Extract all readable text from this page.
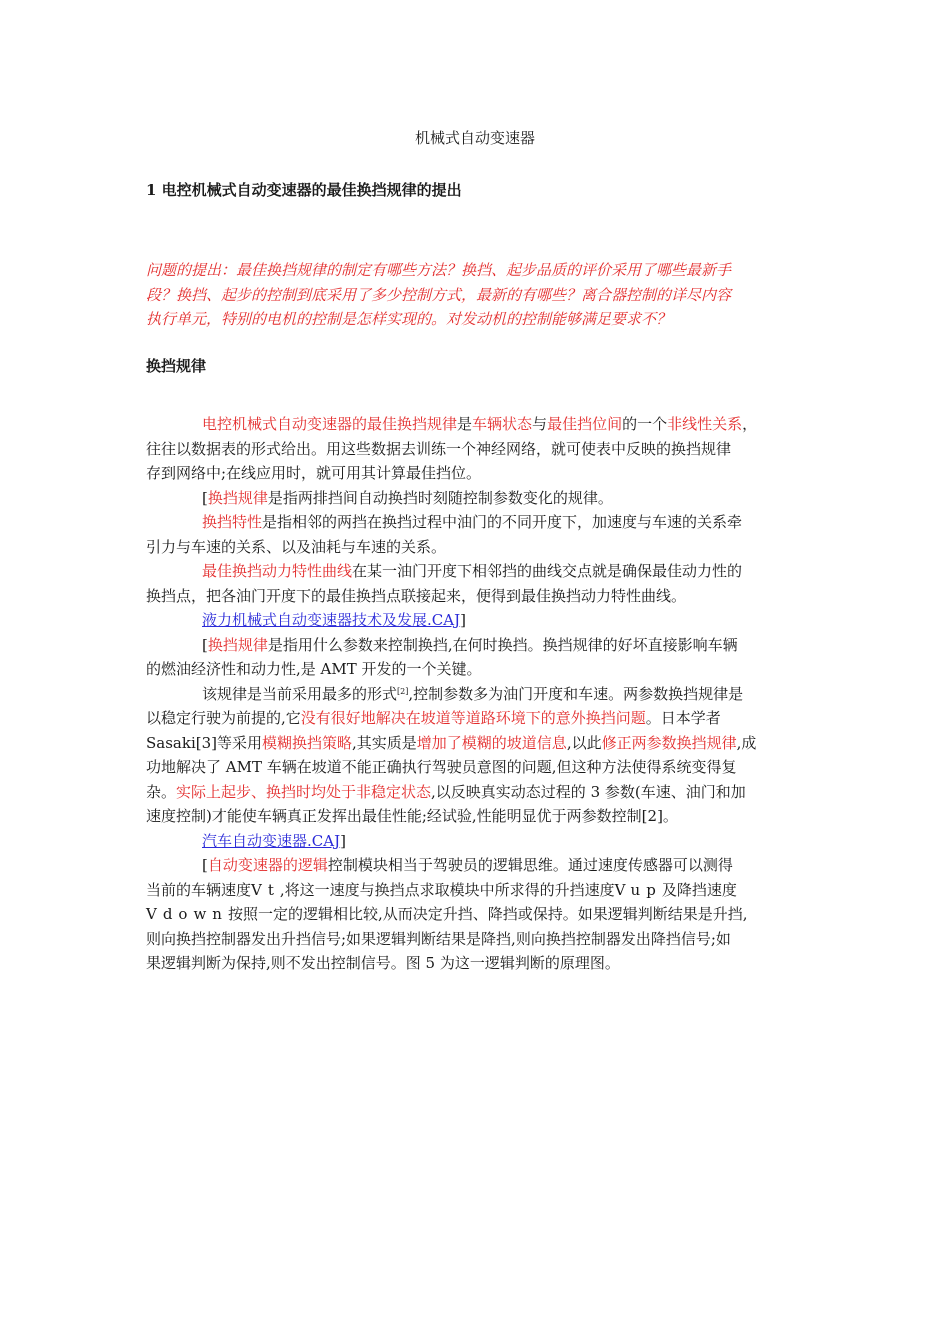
机械式自动变速器
1 电控机械式自动变速器的最佳换挡规律的提出
问题的提出：最佳换挡规律的制定有哪些方法？换挡、起步品质的评价采用了哪些最新手
段？换挡、起步的控制到底采用了多少控制方式，最新的有哪些？离合器控制的详尽内容
执行单元，特别的电机的控制是怎样实现的。对发动机的控制能够满足要求不？
换挡规律
电控机械式自动变速器的最佳换挡规律是车辆状态与最佳挡位间的一个非线性关系，
往往以数据表的形式给出。用这些数据去训练一个神经网络，就可使表中反映的换挡规律
存到网络中;在线应用时，就可用其计算最佳挡位。
[换挡规律是指两排挡间自动换挡时刻随控制参数变化的规律。
换挡特性是指相邻的两挡在换挡过程中油门的不同开度下，加速度与车速的关系牵
引力与车速的关系、以及油耗与车速的关系。
最佳换挡动力特性曲线在某一油门开度下相邻挡的曲线交点就是确保最佳动力性的
换挡点，把各油门开度下的最佳换挡点联接起来，便得到最佳换挡动力特性曲线。
液力机械式自动变速器技术及发展.CAJ]
[换挡规律是指用什么参数来控制换挡,在何时换挡。换挡规律的好坏直接影响车辆
的燃油经济性和动力性,是 AMT 开发的一个关键。
该规律是当前采用最多的形式[2],控制参数多为油门开度和车速。两参数换挡规律是
以稳定行驶为前提的,它没有很好地解决在坡道等道路环境下的意外换挡问题。日本学者
Sasaki[3]等采用模糊换挡策略,其实质是增加了模糊的坡道信息,以此修正两参数换挡规律,成
功地解决了 AMT 车辆在坡道不能正确执行驾驶员意图的问题,但这种方法使得系统变得复
杂。实际上起步、换挡时均处于非稳定状态,以反映真实动态过程的 3 参数(车速、油门和加
速度控制)才能使车辆真正发挥出最佳性能;经试验,性能明显优于两参数控制[2]。
汽车自动变速器.CAJ]
[自动变速器的逻辑控制模块相当于驾驶员的逻辑思维。通过速度传感器可以测得
当前的车辆速度Vt,将这一速度与换挡点求取模块中所求得的升挡速度Vup及降挡速度
Vdown按照一定的逻辑相比较,从而决定升挡、降挡或保持。如果逻辑判断结果是升挡,
则向换挡控制器发出升挡信号;如果逻辑判断结果是降挡,则向换挡控制器发出降挡信号;如
果逻辑判断为保持,则不发出控制信号。图 5 为这一逻辑判断的原理图。
